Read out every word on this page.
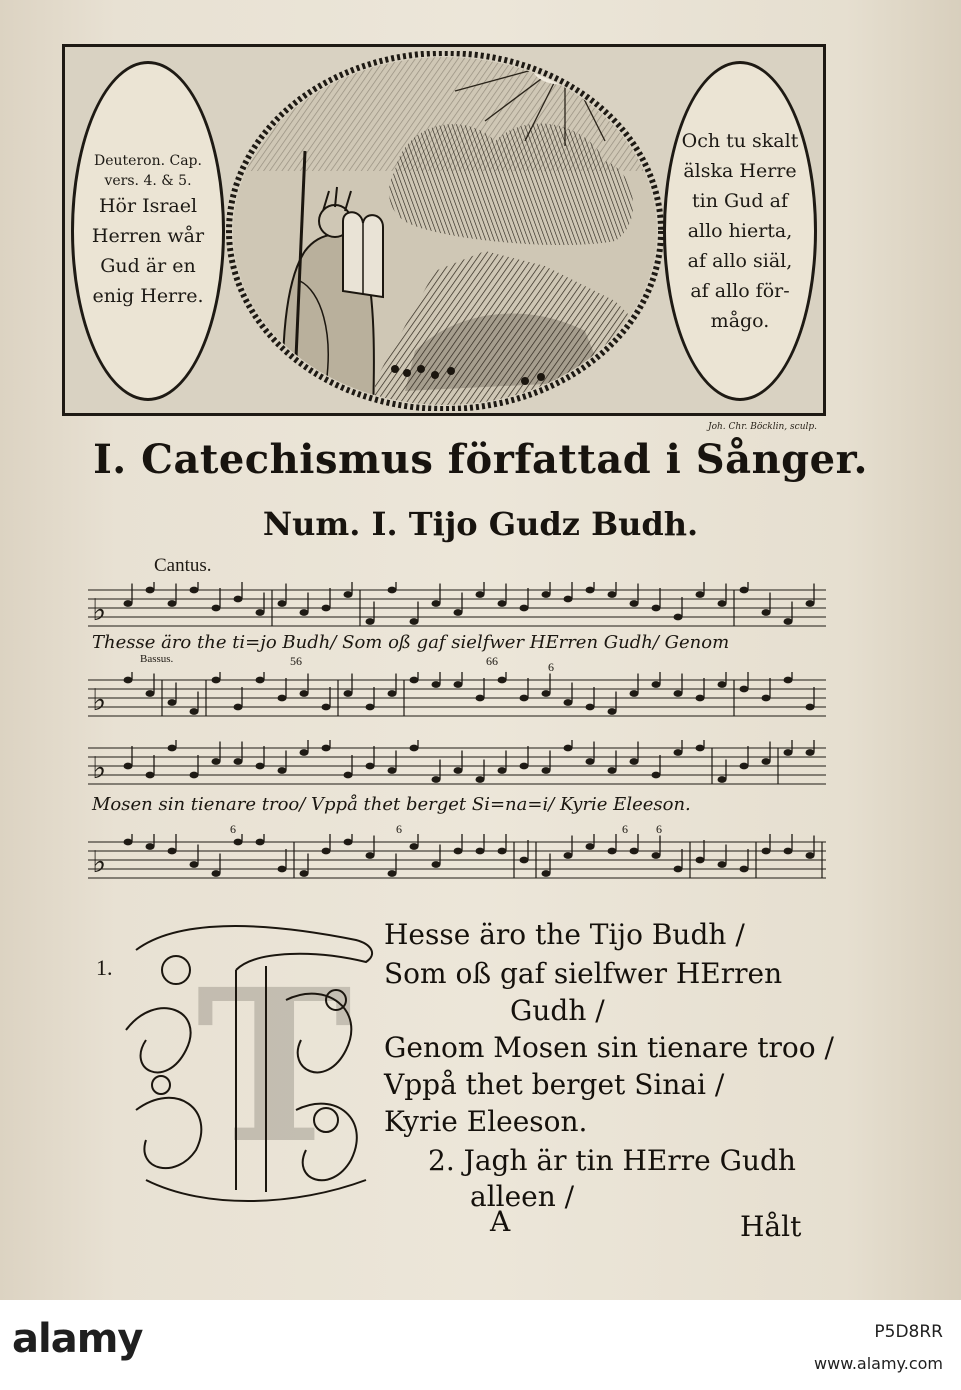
Deuteron. Cap.
vers. 4. & 5.
Hör Israel
Herren wår
Gud är en
enig Herre.
Och tu skalt
älska Herre
tin Gud af
allo hierta,
af allo siäl,
af allo för-
mågo.
Joh. Chr. Böcklin, sculp.
I. Catechismus författad i Sånger.
Num. I. Tijo Gudz Budh.
Cantus.
♭
Thesse äro the ti=jo Budh/ Som oß gaf sielfwer HErren Gudh/ Genom
Bassus.	56	66	6
♭
♭
Mosen sin tienare troo/ Vppå thet berget Si=na=i/ Kyrie Eleeson.
6	6	6 6
♭
1. T
Hesse äro the Tijo Budh /
Som oß gaf sielfwer HErren
Gudh /
Genom Mosen sin tienare troo /
Vppå thet berget Sinai /
Kyrie Eleeson.
2. Jagh är tin HErre Gudh
alleen /
A	Hålt
alamy	P5D8RR
www.alamy.com
